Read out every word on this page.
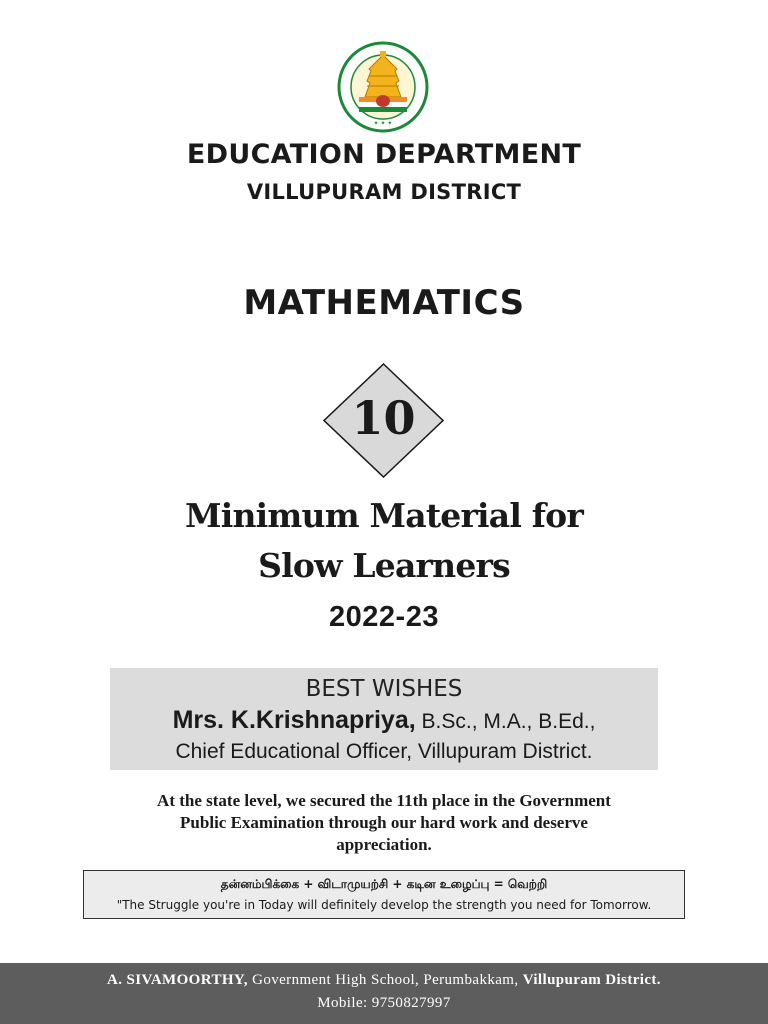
✦ ✦ ✦
EDUCATION DEPARTMENT
VILLUPURAM DISTRICT
MATHEMATICS
10
Minimum Material for
Slow Learners
2022-23
BEST WISHES
Mrs. K.Krishnapriya, B.Sc., M.A., B.Ed.,
Chief Educational Officer, Villupuram District.
At the state level, we secured the 11th place in the Government
Public Examination through our hard work and deserve
appreciation.
தன்னம்பிக்கை + விடாமுயற்சி + கடின உழைப்பு = வெற்றி
"The Struggle you're in Today will definitely develop the strength you need for Tomorrow.
A. SIVAMOORTHY, Government High School, Perumbakkam, Villupuram District.
Mobile: 9750827997
